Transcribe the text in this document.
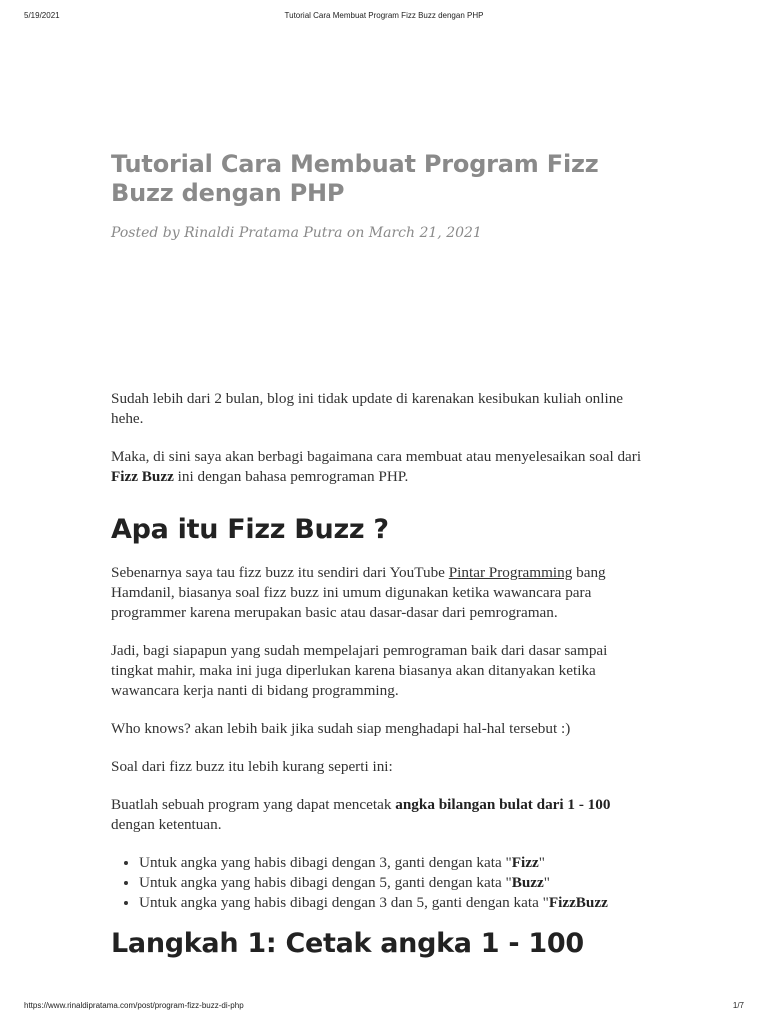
5/19/2021	Tutorial Cara Membuat Program Fizz Buzz dengan PHP
Tutorial Cara Membuat Program Fizz Buzz dengan PHP

Posted by Rinaldi Pratama Putra on March 21, 2021

Sudah lebih dari 2 bulan, blog ini tidak update di karenakan kesibukan kuliah online hehe.

Maka, di sini saya akan berbagi bagaimana cara membuat atau menyelesaikan soal dari Fizz Buzz ini dengan bahasa pemrograman PHP.

Apa itu Fizz Buzz ?

Sebenarnya saya tau fizz buzz itu sendiri dari YouTube Pintar Programming bang Hamdanil, biasanya soal fizz buzz ini umum digunakan ketika wawancara para programmer karena merupakan basic atau dasar-dasar dari pemrograman.

Jadi, bagi siapapun yang sudah mempelajari pemrograman baik dari dasar sampai tingkat mahir, maka ini juga diperlukan karena biasanya akan ditanyakan ketika wawancara kerja nanti di bidang programming.

Who knows? akan lebih baik jika sudah siap menghadapi hal-hal tersebut :)

Soal dari fizz buzz itu lebih kurang seperti ini:

Buatlah sebuah program yang dapat mencetak angka bilangan bulat dari 1 - 100 dengan ketentuan.

• Untuk angka yang habis dibagi dengan 3, ganti dengan kata "Fizz"
• Untuk angka yang habis dibagi dengan 5, ganti dengan kata "Buzz"
• Untuk angka yang habis dibagi dengan 3 dan 5, ganti dengan kata "FizzBuzz
Langkah 1: Cetak angka 1 - 100
https://www.rinaldipratama.com/post/program-fizz-buzz-di-php	1/7
